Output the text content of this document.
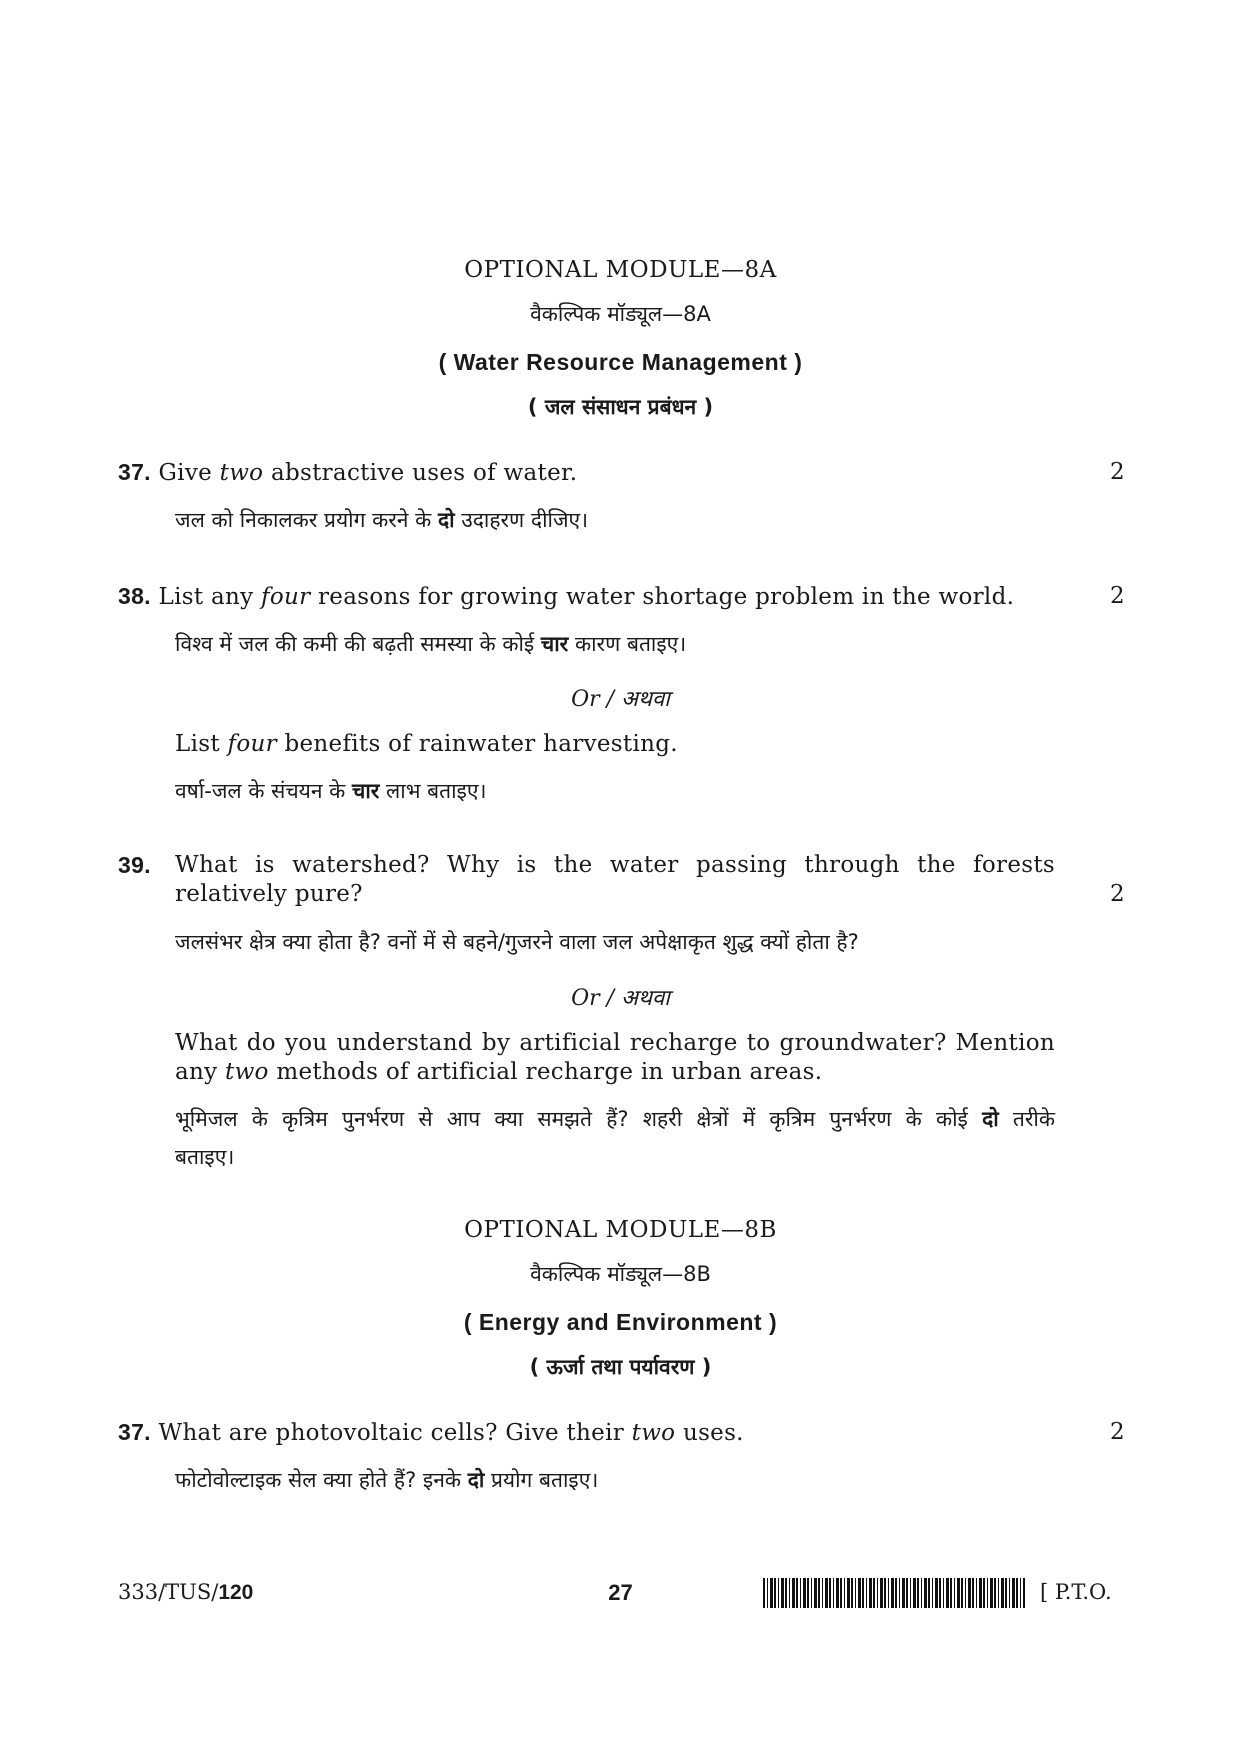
OPTIONAL MODULE—8A
वैकल्पिक मॉड्यूल—8A
( Water Resource Management )
( जल संसाधन प्रबंधन )
37. Give two abstractive uses of water.	2
जल को निकालकर प्रयोग करने के दो उदाहरण दीजिए।
38. List any four reasons for growing water shortage problem in the world.	2
विश्व में जल की कमी की बढ़ती समस्या के कोई चार कारण बताइए।
Or / अथवा
List four benefits of rainwater harvesting.
वर्षा-जल के संचयन के चार लाभ बताइए।
39. What is watershed? Why is the water passing through the forests
relatively pure?	2
जलसंभर क्षेत्र क्या होता है? वनों में से बहने/गुजरने वाला जल अपेक्षाकृत शुद्ध क्यों होता है?
Or / अथवा
What do you understand by artificial recharge to groundwater? Mention
any two methods of artificial recharge in urban areas.
भूमिजल के कृत्रिम पुनर्भरण से आप क्या समझते हैं? शहरी क्षेत्रों में कृत्रिम पुनर्भरण के कोई दो तरीके
बताइए।
OPTIONAL MODULE—8B
वैकल्पिक मॉड्यूल—8B
( Energy and Environment )
( ऊर्जा तथा पर्यावरण )
37. What are photovoltaic cells? Give their two uses.	2
फोटोवोल्टाइक सेल क्या होते हैं? इनके दो प्रयोग बताइए।
333/TUS/120	27	[ P.T.O.
